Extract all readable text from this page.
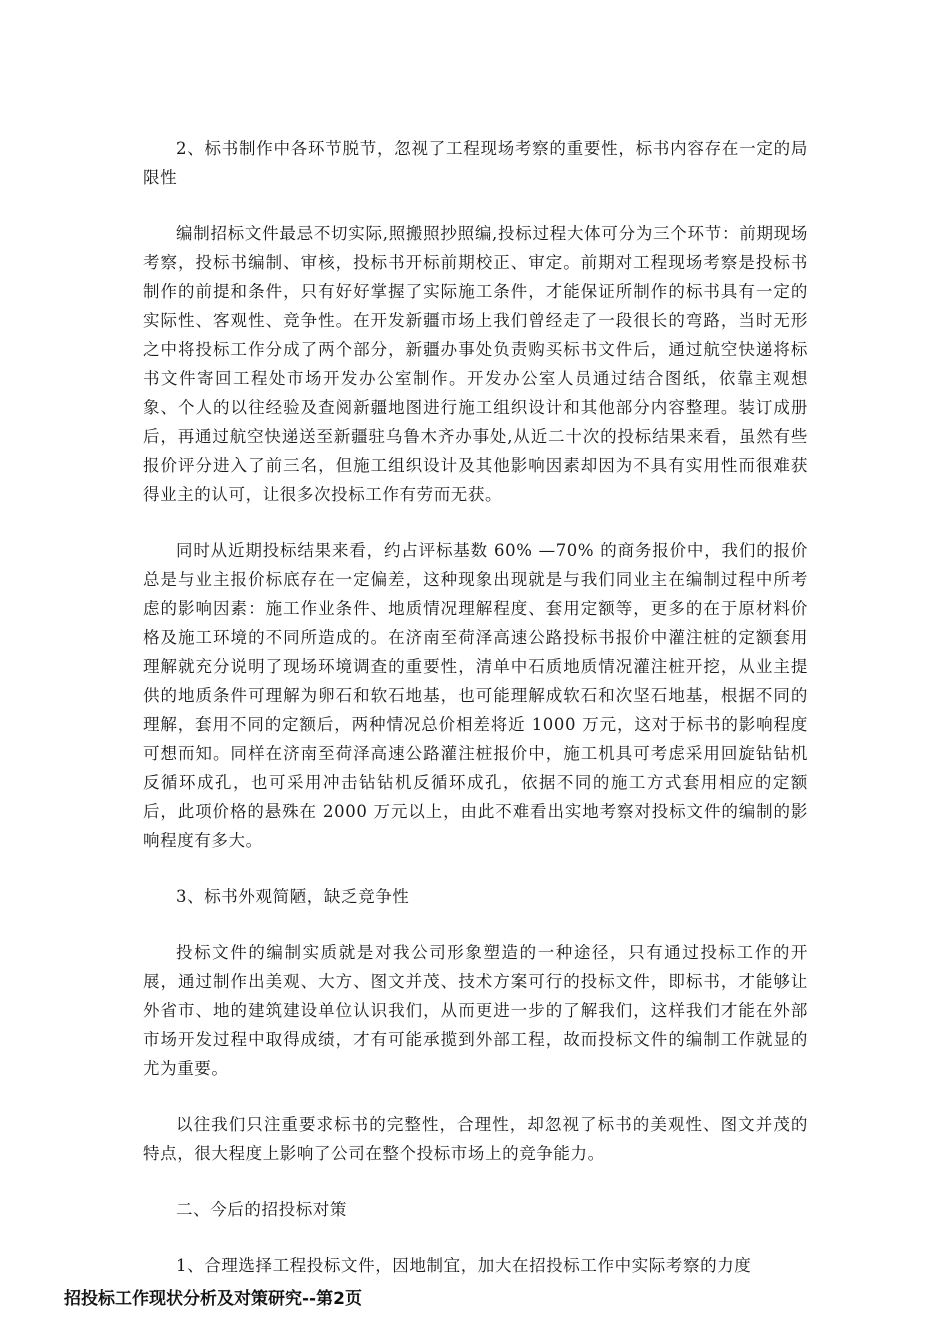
2、标书制作中各环节脱节，忽视了工程现场考察的重要性，标书内容存在一定的局限性

编制招标文件最忌不切实际,照搬照抄照编,投标过程大体可分为三个环节：前期现场考察，投标书编制、审核，投标书开标前期校正、审定。前期对工程现场考察是投标书制作的前提和条件，只有好好掌握了实际施工条件，才能保证所制作的标书具有一定的实际性、客观性、竞争性。在开发新疆市场上我们曾经走了一段很长的弯路，当时无形之中将投标工作分成了两个部分，新疆办事处负责购买标书文件后，通过航空快递将标书文件寄回工程处市场开发办公室制作。开发办公室人员通过结合图纸，依靠主观想象、个人的以往经验及查阅新疆地图进行施工组织设计和其他部分内容整理。装订成册后，再通过航空快递送至新疆驻乌鲁木齐办事处,从近二十次的投标结果来看，虽然有些报价评分进入了前三名，但施工组织设计及其他影响因素却因为不具有实用性而很难获得业主的认可，让很多次投标工作有劳而无获。

同时从近期投标结果来看，约占评标基数 60% —70% 的商务报价中，我们的报价总是与业主报价标底存在一定偏差，这种现象出现就是与我们同业主在编制过程中所考虑的影响因素：施工作业条件、地质情况理解程度、套用定额等，更多的在于原材料价格及施工环境的不同所造成的。在济南至荷泽高速公路投标书报价中灌注桩的定额套用理解就充分说明了现场环境调查的重要性，清单中石质地质情况灌注桩开挖，从业主提供的地质条件可理解为卵石和软石地基，也可能理解成软石和次坚石地基，根据不同的理解，套用不同的定额后，两种情况总价相差将近 1000 万元，这对于标书的影响程度可想而知。同样在济南至荷泽高速公路灌注桩报价中，施工机具可考虑采用回旋钻钻机反循环成孔，也可采用冲击钻钻机反循环成孔，依据不同的施工方式套用相应的定额后，此项价格的悬殊在 2000 万元以上，由此不难看出实地考察对投标文件的编制的影响程度有多大。

3、标书外观简陋，缺乏竞争性

投标文件的编制实质就是对我公司形象塑造的一种途径，只有通过投标工作的开展，通过制作出美观、大方、图文并茂、技术方案可行的投标文件，即标书，才能够让外省市、地的建筑建设单位认识我们，从而更进一步的了解我们，这样我们才能在外部市场开发过程中取得成绩，才有可能承揽到外部工程，故而投标文件的编制工作就显的尤为重要。

以往我们只注重要求标书的完整性，合理性，却忽视了标书的美观性、图文并茂的特点，很大程度上影响了公司在整个投标市场上的竞争能力。

二、今后的招投标对策

1、合理选择工程投标文件，因地制宜，加大在招投标工作中实际考察的力度

招投标工作现状分析及对策研究--第2页
